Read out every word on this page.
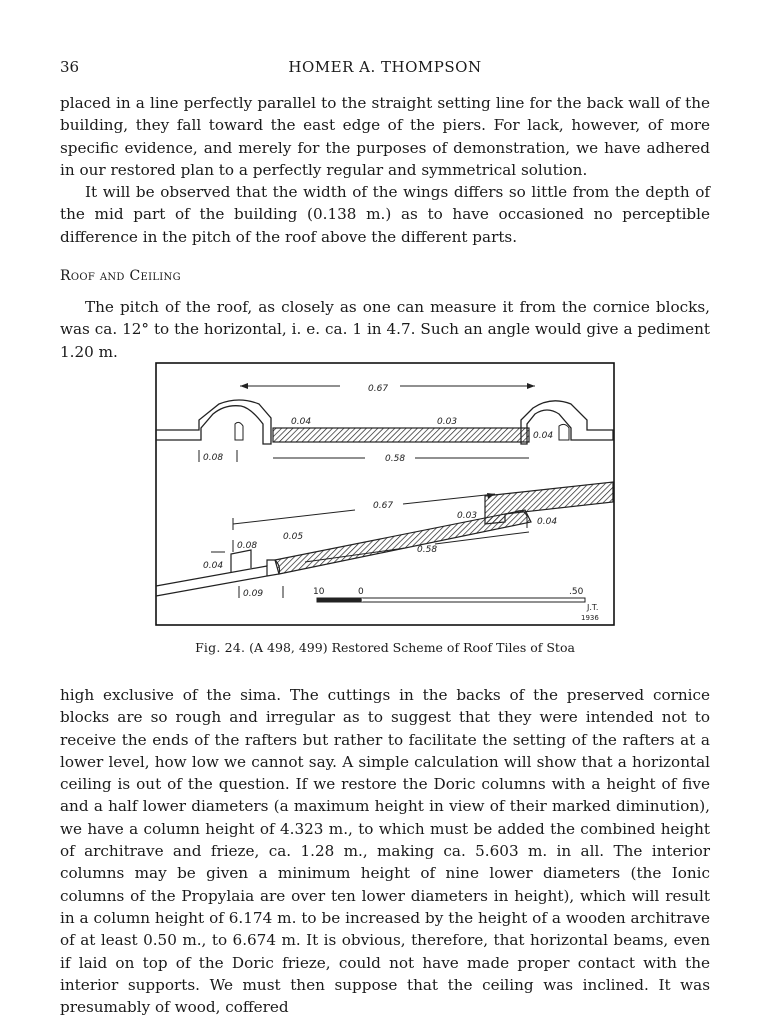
36	HOMER A. THOMPSON

placed in a line perfectly parallel to the straight setting line for the back wall of the building, they fall toward the east edge of the piers. For lack, however, of more specific evidence, and merely for the purposes of demonstration, we have adhered in our restored plan to a perfectly regular and symmetrical solution.

It will be observed that the width of the wings differs so little from the depth of the mid part of the building (0.138 m.) as to have occasioned no perceptible difference in the pitch of the roof above the different parts.

Roof and Ceiling

The pitch of the roof, as closely as one can measure it from the cornice blocks, was ca. 12° to the horizontal, i. e. ca. 1 in 4.7. Such an angle would give a pediment 1.20 m.

0.67
0.04	0.03
0.04
0.08	0.58
0.67
0.05
0.03
0.04
0.08
0.04
0.58
0.09	10	0	.50
J.T.
1936
Fig. 24. (A 498, 499) Restored Scheme of Roof Tiles of Stoa

high exclusive of the sima. The cuttings in the backs of the preserved cornice blocks are so rough and irregular as to suggest that they were intended not to receive the ends of the rafters but rather to facilitate the setting of the rafters at a lower level, how low we cannot say. A simple calculation will show that a horizontal ceiling is out of the question. If we restore the Doric columns with a height of five and a half lower diameters (a maximum height in view of their marked diminution), we have a column height of 4.323 m., to which must be added the combined height of architrave and frieze, ca. 1.28 m., making ca. 5.603 m. in all. The interior columns may be given a minimum height of nine lower diameters (the Ionic columns of the Propylaia are over ten lower diameters in height), which will result in a column height of 6.174 m. to be increased by the height of a wooden architrave of at least 0.50 m., to 6.674 m. It is obvious, therefore, that horizontal beams, even if laid on top of the Doric frieze, could not have made proper contact with the interior supports. We must then suppose that the ceiling was inclined. It was presumably of wood, coffered
